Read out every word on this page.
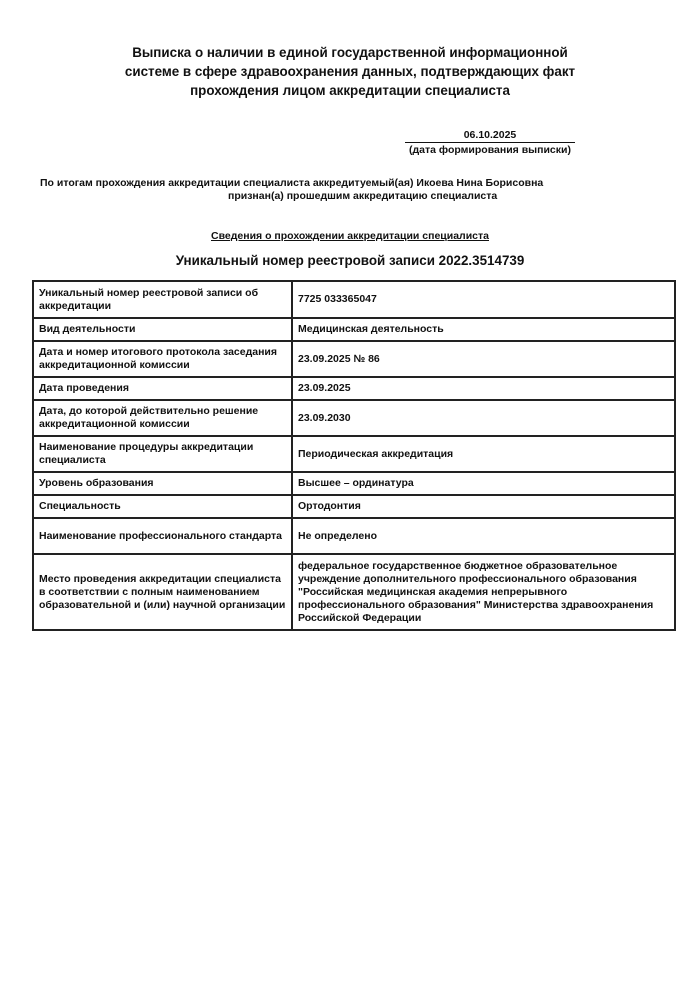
Выписка о наличии в единой государственной информационной
системе в сфере здравоохранения данных, подтверждающих факт
прохождения лицом аккредитации специалиста
06.10.2025
(дата формирования выписки)
По итогам прохождения аккредитации специалиста аккредитуемый(ая) Икоева Нина Борисовна
признан(а) прошедшим аккредитацию специалиста
Сведения о прохождении аккредитации специалиста
Уникальный номер реестровой записи 2022.3514739
Уникальный номер реестровой записи об аккредитации	7725 033365047
Вид деятельности	Медицинская деятельность
Дата и номер итогового протокола заседания аккредитационной комиссии	23.09.2025 № 86
Дата проведения	23.09.2025
Дата, до которой действительно решение аккредитационной комиссии	23.09.2030
Наименование процедуры аккредитации специалиста	Периодическая аккредитация
Уровень образования	Высшее – ординатура
Специальность	Ортодонтия
Наименование профессионального стандарта	Не определено
Место проведения аккредитации специалиста в соответствии с полным наименованием образовательной и (или) научной организации	федеральное государственное бюджетное образовательное учреждение дополнительного профессионального образования "Российская медицинская академия непрерывного профессионального образования" Министерства здравоохранения Российской Федерации
